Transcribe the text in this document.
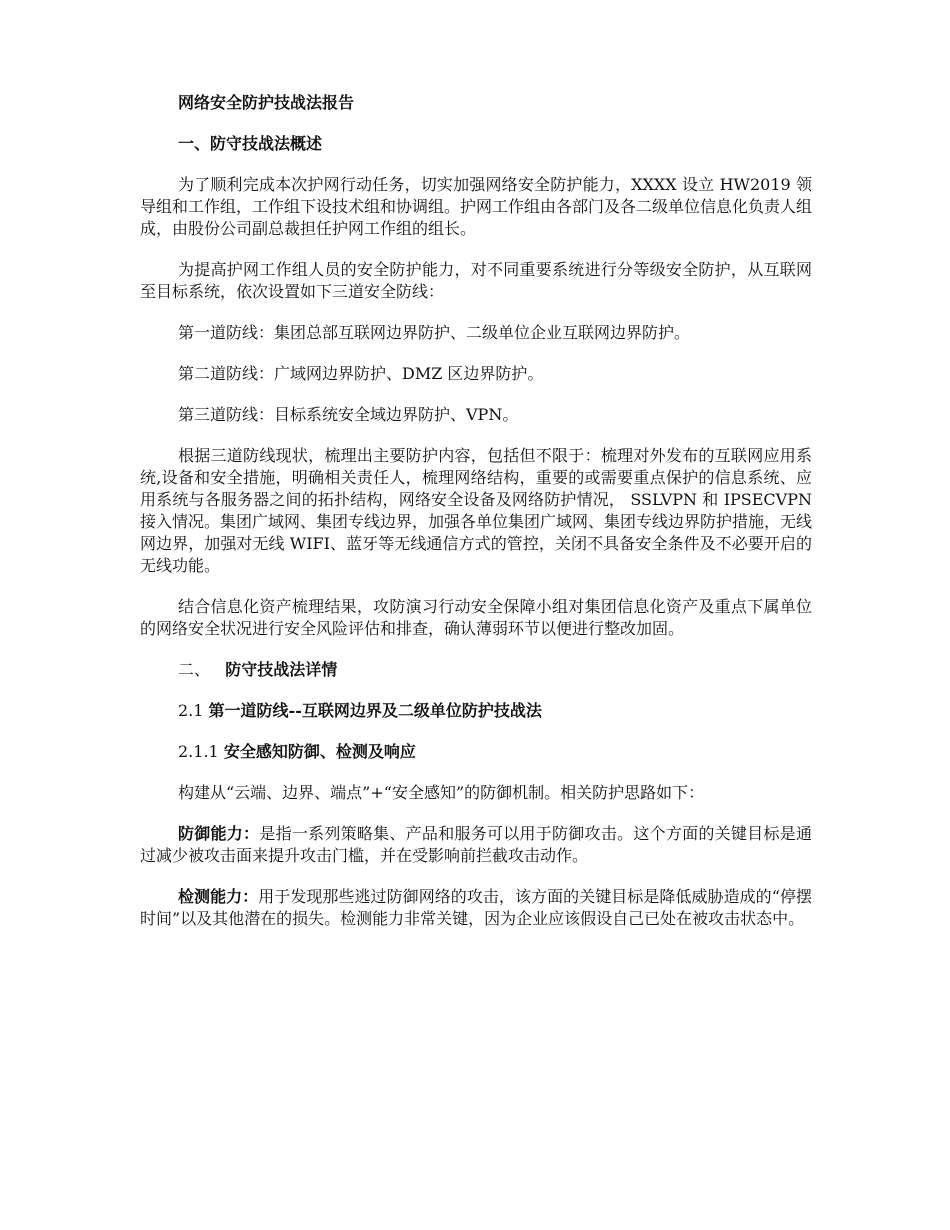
网络安全防护技战法报告
一、防守技战法概述
为了顺利完成本次护网行动任务，切实加强网络安全防护能力，XXXX 设立 HW2019 领导组和工作组，工作组下设技术组和协调组。护网工作组由各部门及各二级单位信息化负责人组成，由股份公司副总裁担任护网工作组的组长。
为提高护网工作组人员的安全防护能力，对不同重要系统进行分等级安全防护，从互联网至目标系统，依次设置如下三道安全防线：
第一道防线：集团总部互联网边界防护、二级单位企业互联网边界防护。
第二道防线：广域网边界防护、DMZ 区边界防护。
第三道防线：目标系统安全域边界防护、VPN。
根据三道防线现状，梳理出主要防护内容，包括但不限于：梳理对外发布的互联网应用系统,设备和安全措施，明确相关责任人，梳理网络结构，重要的或需要重点保护的信息系统、应用系统与各服务器之间的拓扑结构，网络安全设备及网络防护情况， SSLVPN 和 IPSECVPN 接入情况。集团广域网、集团专线边界，加强各单位集团广域网、集团专线边界防护措施，无线网边界，加强对无线 WIFI、蓝牙等无线通信方式的管控，关闭不具备安全条件及不必要开启的无线功能。
结合信息化资产梳理结果，攻防演习行动安全保障小组对集团信息化资产及重点下属单位的网络安全状况进行安全风险评估和排查，确认薄弱环节以便进行整改加固。
二、 防守技战法详情
2.1 第一道防线--互联网边界及二级单位防护技战法
2.1.1 安全感知防御、检测及响应
构建从“云端、边界、端点”+“安全感知”的防御机制。相关防护思路如下：
防御能力：是指一系列策略集、产品和服务可以用于防御攻击。这个方面的关键目标是通过减少被攻击面来提升攻击门槛，并在受影响前拦截攻击动作。
检测能力：用于发现那些逃过防御网络的攻击，该方面的关键目标是降低威胁造成的“停摆时间”以及其他潜在的损失。检测能力非常关键，因为企业应该假设自己已处在被攻击状态中。
